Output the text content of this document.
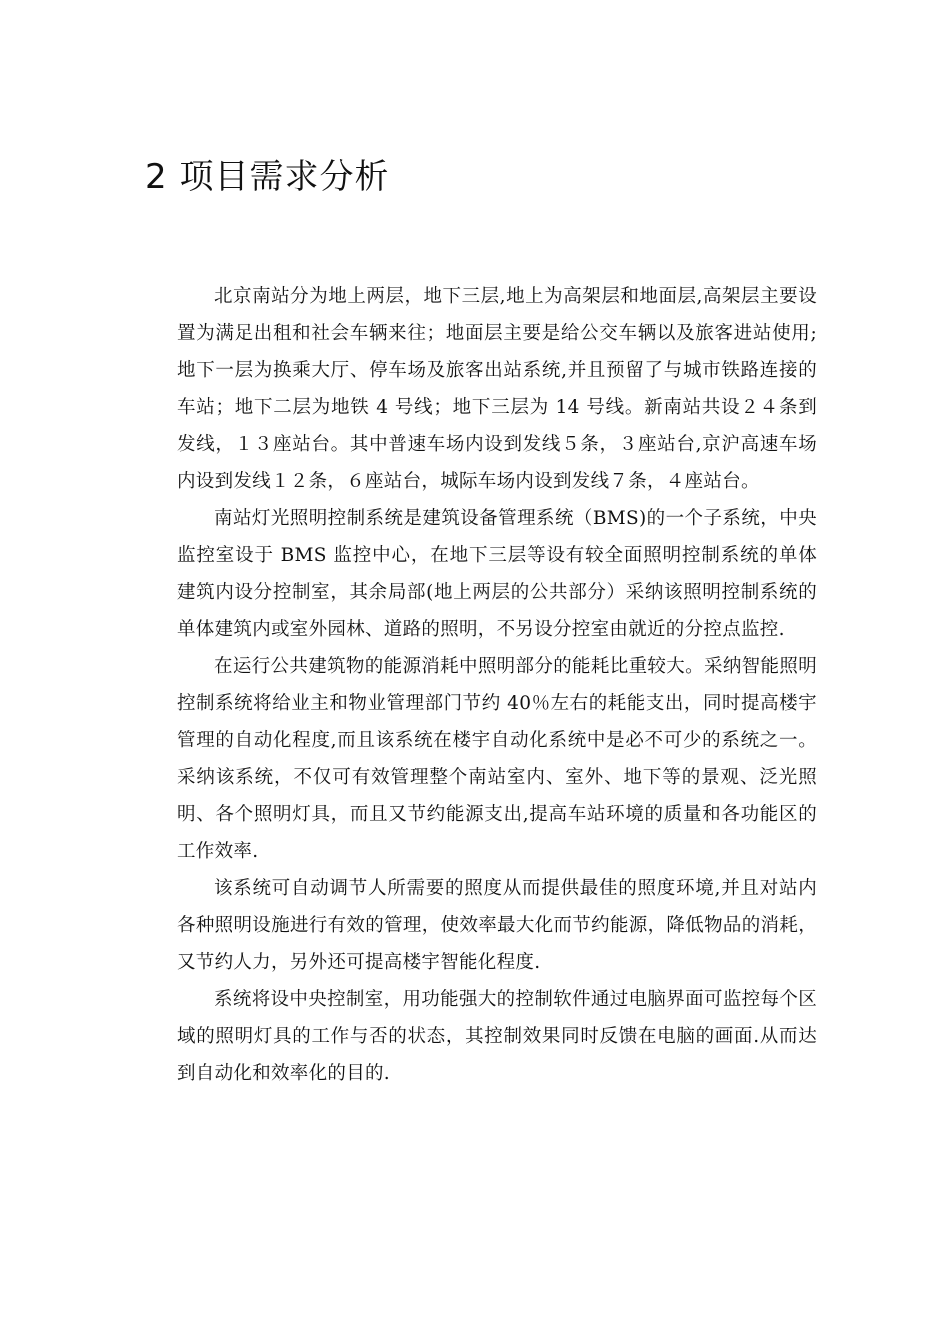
2 项目需求分析

北京南站分为地上两层，地下三层,地上为高架层和地面层,高架层主要设置为满足出租和社会车辆来往；地面层主要是给公交车辆以及旅客进站使用;地下一层为换乘大厅、停车场及旅客出站系统,并且预留了与城市铁路连接的车站；地下二层为地铁 4 号线；地下三层为 14 号线。新南站共设２４条到发线，１３座站台。其中普速车场内设到发线５条，３座站台,京沪高速车场内设到发线１２条，６座站台，城际车场内设到发线７条，４座站台。

南站灯光照明控制系统是建筑设备管理系统（BMS)的一个子系统，中央监控室设于 BMS 监控中心，在地下三层等设有较全面照明控制系统的单体建筑内设分控制室，其余局部(地上两层的公共部分）采纳该照明控制系统的单体建筑内或室外园林、道路的照明，不另设分控室由就近的分控点监控.

在运行公共建筑物的能源消耗中照明部分的能耗比重较大。采纳智能照明控制系统将给业主和物业管理部门节约 40％左右的耗能支出，同时提高楼宇管理的自动化程度,而且该系统在楼宇自动化系统中是必不可少的系统之一。采纳该系统，不仅可有效管理整个南站室内、室外、地下等的景观、泛光照明、各个照明灯具，而且又节约能源支出,提高车站环境的质量和各功能区的工作效率.

该系统可自动调节人所需要的照度从而提供最佳的照度环境,并且对站内各种照明设施进行有效的管理，使效率最大化而节约能源，降低物品的消耗，又节约人力，另外还可提高楼宇智能化程度.

系统将设中央控制室，用功能强大的控制软件通过电脑界面可监控每个区域的照明灯具的工作与否的状态，其控制效果同时反馈在电脑的画面.从而达到自动化和效率化的目的.
